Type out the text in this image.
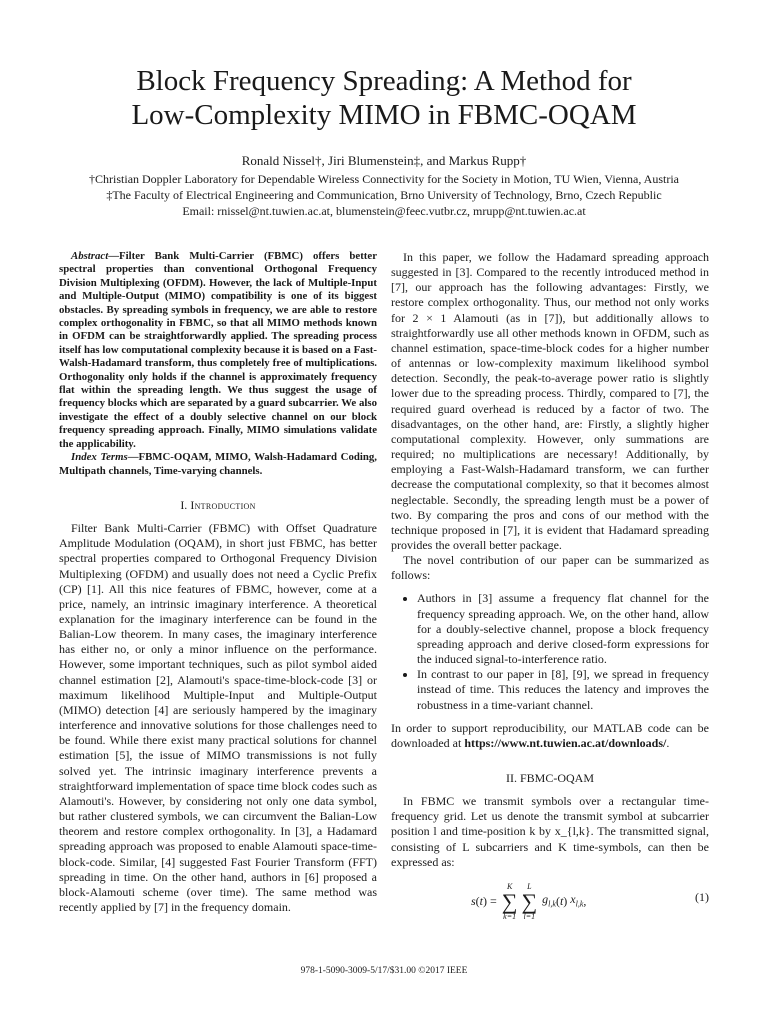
Block Frequency Spreading: A Method for
Low-Complexity MIMO in FBMC-OQAM
Ronald Nissel†, Jiri Blumenstein‡, and Markus Rupp†
†Christian Doppler Laboratory for Dependable Wireless Connectivity for the Society in Motion, TU Wien, Vienna, Austria
‡The Faculty of Electrical Engineering and Communication, Brno University of Technology, Brno, Czech Republic
Email: rnissel@nt.tuwien.ac.at, blumenstein@feec.vutbr.cz, mrupp@nt.tuwien.ac.at

Abstract—Filter Bank Multi-Carrier (FBMC) offers better spectral properties than conventional Orthogonal Frequency Division Multiplexing (OFDM). However, the lack of Multiple-Input and Multiple-Output (MIMO) compatibility is one of its biggest obstacles. By spreading symbols in frequency, we are able to restore complex orthogonality in FBMC, so that all MIMO methods known in OFDM can be straightforwardly applied. The spreading process itself has low computational complexity because it is based on a Fast-Walsh-Hadamard transform, thus completely free of multiplications. Orthogonality only holds if the channel is approximately frequency flat within the spreading length. We thus suggest the usage of frequency blocks which are separated by a guard subcarrier. We also investigate the effect of a doubly selective channel on our block frequency spreading approach. Finally, MIMO simulations validate the applicability.

Index Terms—FBMC-OQAM, MIMO, Walsh-Hadamard Coding, Multipath channels, Time-varying channels.

I. Introduction

Filter Bank Multi-Carrier (FBMC) with Offset Quadrature Amplitude Modulation (OQAM), in short just FBMC, has better spectral properties compared to Orthogonal Frequency Division Multiplexing (OFDM) and usually does not need a Cyclic Prefix (CP) [1]. All this nice features of FBMC, however, come at a price, namely, an intrinsic imaginary interference. A theoretical explanation for the imaginary interference can be found in the Balian-Low theorem. In many cases, the imaginary interference has either no, or only a minor influence on the performance. However, some important techniques, such as pilot symbol aided channel estimation [2], Alamouti's space-time-block-code [3] or maximum likelihood Multiple-Input and Multiple-Output (MIMO) detection [4] are seriously hampered by the imaginary interference and innovative solutions for those challenges need to be found. While there exist many practical solutions for channel estimation [5], the issue of MIMO transmissions is not fully solved yet. The intrinsic imaginary interference prevents a straightforward implementation of space time block codes such as Alamouti's. However, by considering not only one data symbol, but rather clustered symbols, we can circumvent the Balian-Low theorem and restore complex orthogonality. In [3], a Hadamard spreading approach was proposed to enable Alamouti space-time-block-code. Similar, [4] suggested Fast Fourier Transform (FFT) spreading in time. On the other hand, authors in [6] proposed a block-Alamouti scheme (over time). The same method was recently applied by [7] in the frequency domain.

In this paper, we follow the Hadamard spreading approach suggested in [3]. Compared to the recently introduced method in [7], our approach has the following advantages: Firstly, we restore complex orthogonality. Thus, our method not only works for 2 × 1 Alamouti (as in [7]), but additionally allows to straightforwardly use all other methods known in OFDM, such as channel estimation, space-time-block codes for a higher number of antennas or low-complexity maximum likelihood symbol detection. Secondly, the peak-to-average power ratio is slightly lower due to the spreading process. Thirdly, compared to [7], the required guard overhead is reduced by a factor of two. The disadvantages, on the other hand, are: Firstly, a slightly higher computational complexity. However, only summations are required; no multiplications are necessary! Additionally, by employing a Fast-Walsh-Hadamard transform, we can further decrease the computational complexity, so that it becomes almost neglectable. Secondly, the spreading length must be a power of two. By comparing the pros and cons of our method with the technique proposed in [7], it is evident that Hadamard spreading provides the overall better package.

The novel contribution of our paper can be summarized as follows:

• Authors in [3] assume a frequency flat channel for the frequency spreading approach. We, on the other hand, allow for a doubly-selective channel, propose a block frequency spreading approach and derive closed-form expressions for the induced signal-to-interference ratio.
• In contrast to our paper in [8], [9], we spread in frequency instead of time. This reduces the latency and improves the robustness in a time-variant channel.

In order to support reproducibility, our MATLAB code can be downloaded at https://www.nt.tuwien.ac.at/downloads/.

II. FBMC-OQAM

In FBMC we transmit symbols over a rectangular time-frequency grid. Let us denote the transmit symbol at subcarrier position l and time-position k by x_{l,k}. The transmitted signal, consisting of L subcarriers and K time-symbols, can then be expressed as:

s ( t ) =
K
∑
k=1
L
∑
l=1
$g_{l,k}$ ( t ) $x_{l,k}$ ,	(1)
978-1-5090-3009-5/17/$31.00 ©2017 IEEE
